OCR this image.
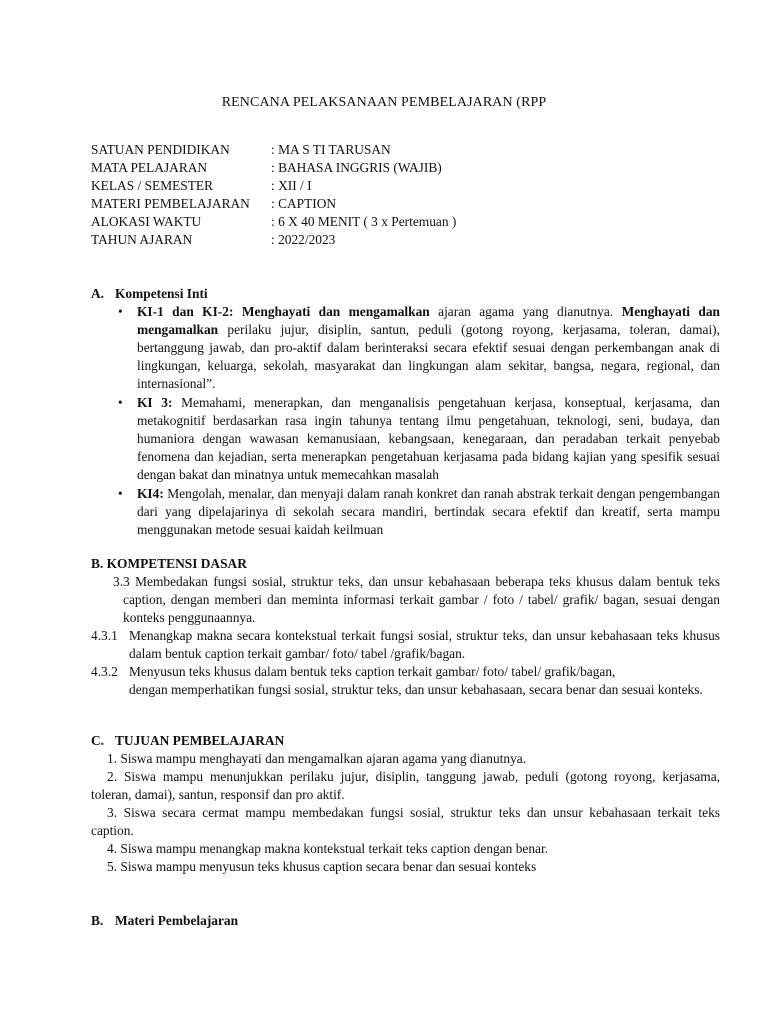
RENCANA PELAKSANAAN PEMBELAJARAN (RPP
SATUAN PENDIDIKAN	: MA S TI TARUSAN
MATA PELAJARAN	: BAHASA INGGRIS (WAJIB)
KELAS / SEMESTER	: XII / I
MATERI PEMBELAJARAN : CAPTION
ALOKASI WAKTU	: 6 X 40 MENIT ( 3 x Pertemuan )
TAHUN AJARAN	: 2022/2023
A. Kompetensi Inti
• KI-1 dan KI-2: Menghayati dan mengamalkan ajaran agama yang dianutnya. Menghayati dan mengamalkan perilaku jujur, disiplin, santun, peduli (gotong royong, kerjasama, toleran, damai), bertanggung jawab, dan pro-aktif dalam berinteraksi secara efektif sesuai dengan perkembangan anak di lingkungan, keluarga, sekolah, masyarakat dan lingkungan alam sekitar, bangsa, negara, regional, dan internasional”.
• KI 3: Memahami, menerapkan, dan menganalisis pengetahuan kerjasa, konseptual, kerjasama, dan metakognitif berdasarkan rasa ingin tahunya tentang ilmu pengetahuan, teknologi, seni, budaya, dan humaniora dengan wawasan kemanusiaan, kebangsaan, kenegaraan, dan peradaban terkait penyebab fenomena dan kejadian, serta menerapkan pengetahuan kerjasama pada bidang kajian yang spesifik sesuai dengan bakat dan minatnya untuk memecahkan masalah
• KI4: Mengolah, menalar, dan menyaji dalam ranah konkret dan ranah abstrak terkait dengan pengembangan dari yang dipelajarinya di sekolah secara mandiri, bertindak secara efektif dan kreatif, serta mampu menggunakan metode sesuai kaidah keilmuan
B. KOMPETENSI DASAR
3.3 Membedakan fungsi sosial, struktur teks, dan unsur kebahasaan beberapa teks khusus dalam bentuk teks caption, dengan memberi dan meminta informasi terkait gambar / foto / tabel/ grafik/ bagan, sesuai dengan konteks penggunaannya.
4.3.1 Menangkap makna secara kontekstual terkait fungsi sosial, struktur teks, dan unsur kebahasaan teks khusus dalam bentuk caption terkait gambar/ foto/ tabel /grafik/bagan.
4.3.2 Menyusun teks khusus dalam bentuk teks caption terkait gambar/ foto/ tabel/ grafik/bagan,
dengan memperhatikan fungsi sosial, struktur teks, dan unsur kebahasaan, secara benar dan sesuai konteks.
C. TUJUAN PEMBELAJARAN
1. Siswa mampu menghayati dan mengamalkan ajaran agama yang dianutnya.
2. Siswa mampu menunjukkan perilaku jujur, disiplin, tanggung jawab, peduli (gotong royong, kerjasama, toleran, damai), santun, responsif dan pro aktif.
3. Siswa secara cermat mampu membedakan fungsi sosial, struktur teks dan unsur kebahasaan terkait teks caption.
4. Siswa mampu menangkap makna kontekstual terkait teks caption dengan benar.
5. Siswa mampu menyusun teks khusus caption secara benar dan sesuai konteks
B. Materi Pembelajaran
